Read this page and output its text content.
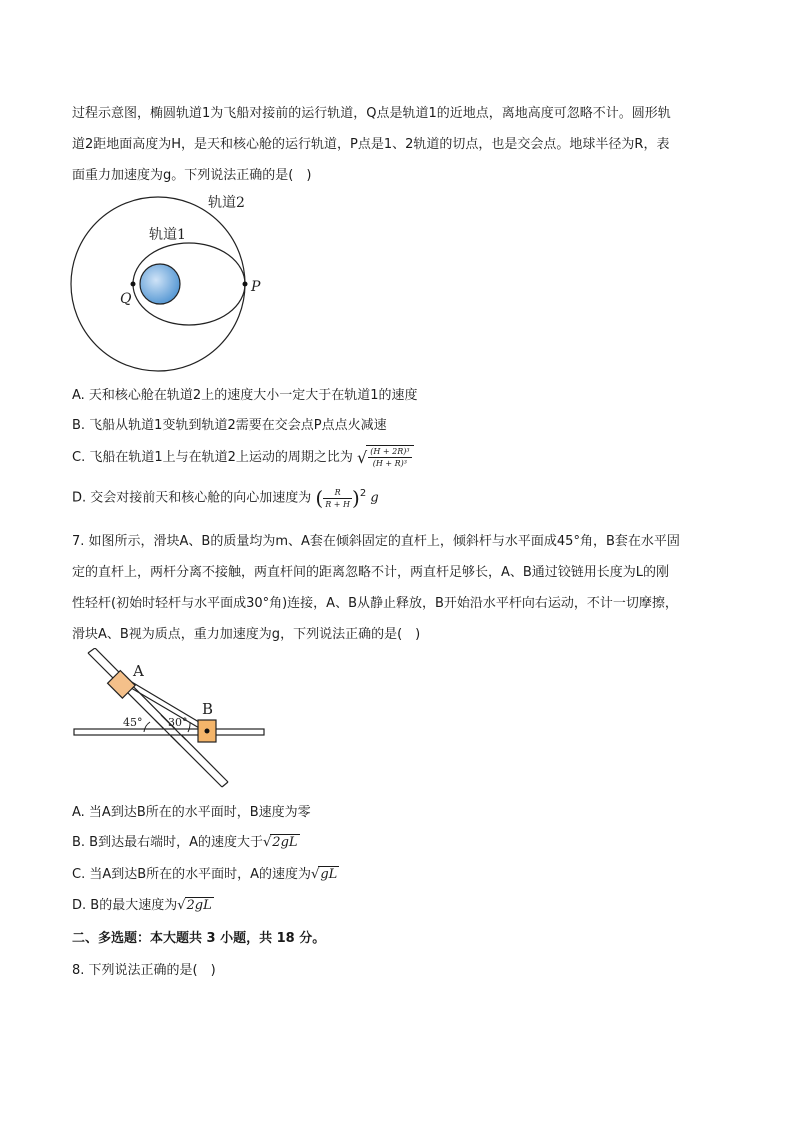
过程示意图，椭圆轨道1为飞船对接前的运行轨道，Q点是轨道1的近地点，离地高度可忽略不计。圆形轨
道2距地面高度为H，是天和核心舱的运行轨道，P点是1、2轨道的切点，也是交会点。地球半径为R，表
面重力加速度为g。下列说法正确的是(　)
轨道2
轨道1
Q
P
A. 天和核心舱在轨道2上的速度大小一定大于在轨道1的速度
B. 飞船从轨道1变轨到轨道2需要在交会点P点点火减速
C. 飞船在轨道1上与在轨道2上运动的周期之比为 √ $\frac{\text{(H + 2R)³}}{\text{(H + R)³}}$
D. 交会对接前天和核心舱的向心加速度为 ( $\frac{R}{R + H} )^2$ g
7. 如图所示，滑块A、B的质量均为m、A套在倾斜固定的直杆上，倾斜杆与水平面成45°角，B套在水平固
定的直杆上，两杆分离不接触，两直杆间的距离忽略不计，两直杆足够长，A、B通过铰链用长度为L的刚
性轻杆(初始时轻杆与水平面成30°角)连接，A、B从静止释放，B开始沿水平杆向右运动，不计一切摩擦，
滑块A、B视为质点，重力加速度为g，下列说法正确的是(　)
A
B
45° 30°
A. 当A到达B所在的水平面时，B速度为零
B. B到达最右端时，A的速度大于√2gL
C. 当A到达B所在的水平面时，A的速度为√gL
D. B的最大速度为√2gL
二、多选题：本大题共 3 小题，共 18 分。
8. 下列说法正确的是(　)
